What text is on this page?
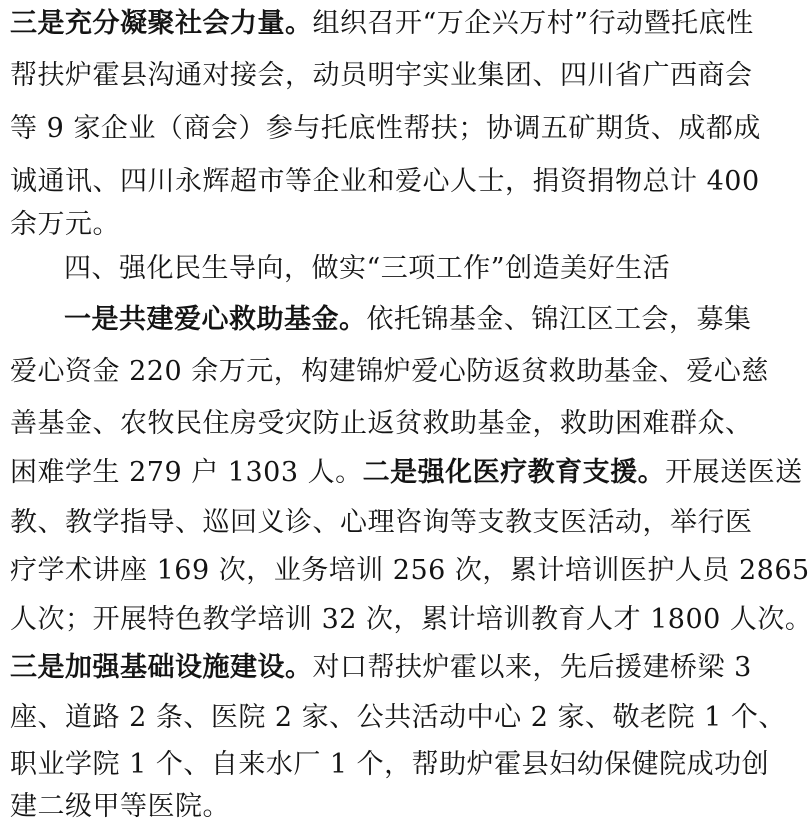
三是充分凝聚社会力量。组织召开“万企兴万村”行动暨托底性
帮扶炉霍县沟通对接会，动员明宇实业集团、四川省广西商会
等 9 家企业（商会）参与托底性帮扶；协调五矿期货、成都成
诚通讯、四川永辉超市等企业和爱心人士，捐资捐物总计 400
余万元。
四、强化民生导向，做实“三项工作”创造美好生活
一是共建爱心救助基金。依托锦基金、锦江区工会，募集
爱心资金 220 余万元，构建锦炉爱心防返贫救助基金、爱心慈
善基金、农牧民住房受灾防止返贫救助基金，救助困难群众、
困难学生 279 户 1303 人。二是强化医疗教育支援。开展送医送
教、教学指导、巡回义诊、心理咨询等支教支医活动，举行医
疗学术讲座 169 次，业务培训 256 次，累计培训医护人员 2865
人次；开展特色教学培训 32 次，累计培训教育人才 1800 人次。
三是加强基础设施建设。对口帮扶炉霍以来，先后援建桥梁 3
座、道路 2 条、医院 2 家、公共活动中心 2 家、敬老院 1 个、
职业学院 1 个、自来水厂 1 个，帮助炉霍县妇幼保健院成功创
建二级甲等医院。
